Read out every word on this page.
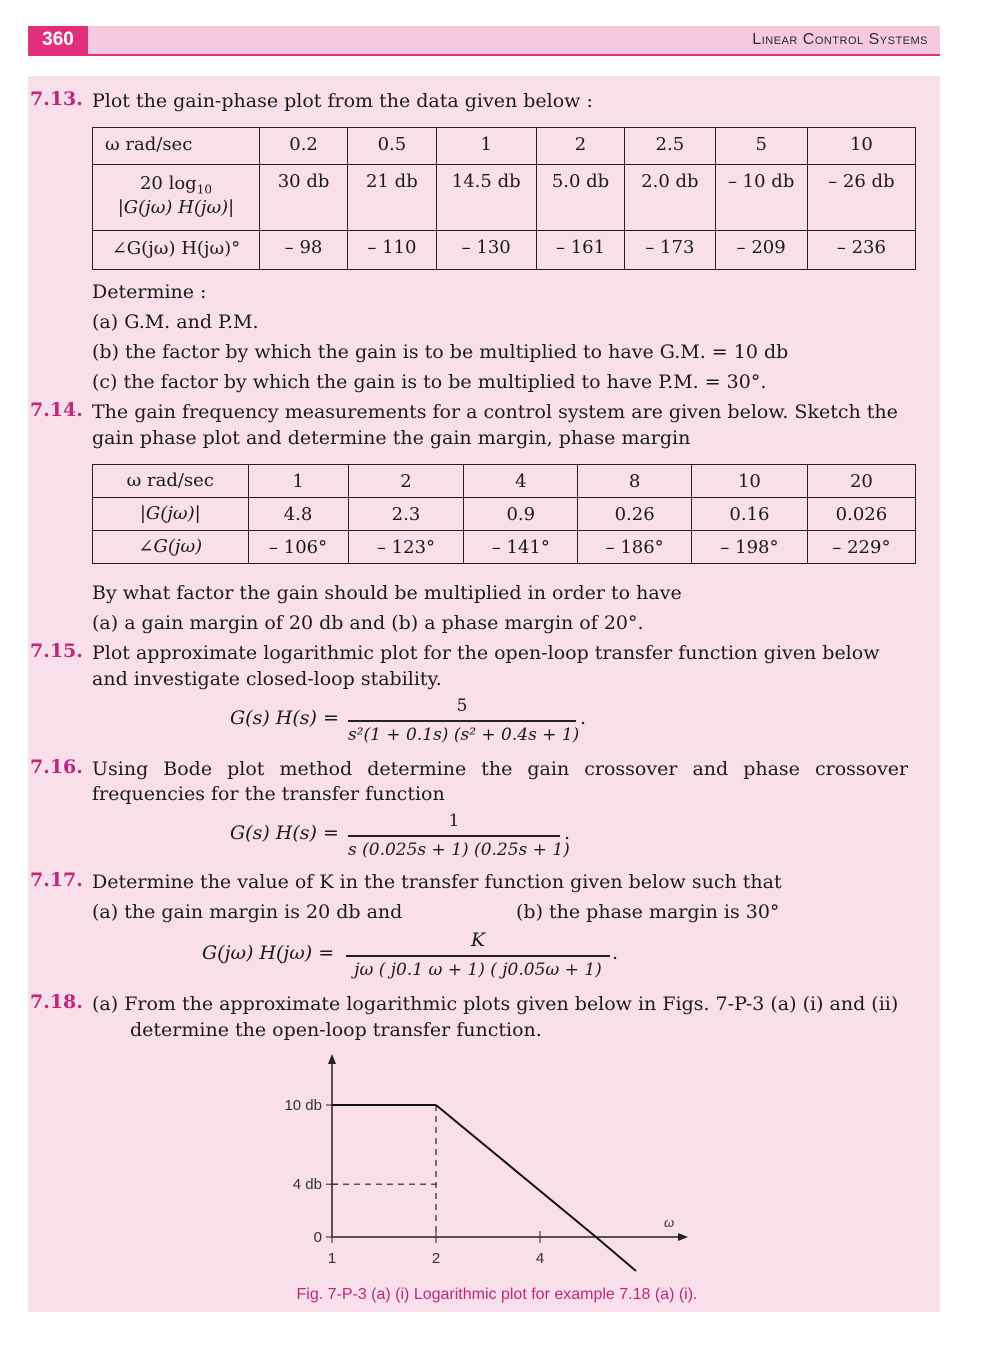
360	Linear Control Systems
7.13. Plot the gain-phase plot from the data given below :
ω rad/sec	0.2	0.5	1	2	2.5	5	10
20 $\log_{10}$
|G(jω) H(jω)|	30 db	21 db	14.5 db	5.0 db	2.0 db	– 10 db	– 26 db
∠G(jω) H(jω)°	– 98	– 110	– 130	– 161	– 173	– 209	– 236
Determine :
(a) G.M. and P.M.
(b) the factor by which the gain is to be multiplied to have G.M. = 10 db
(c) the factor by which the gain is to be multiplied to have P.M. = 30°.
7.14. The gain frequency measurements for a control system are given below. Sketch the
gain phase plot and determine the gain margin, phase margin
ω rad/sec	1	2	4	8	10	20
|G(jω)|	4.8	2.3	0.9	0.26	0.16	0.026
∠G(jω)	– 106°	– 123°	– 141°	– 186°	– 198°	– 229°
By what factor the gain should be multiplied in order to have
(a) a gain margin of 20 db and (b) a phase margin of 20°.
7.15. Plot approximate logarithmic plot for the open-loop transfer function given below
and investigate closed-loop stability.
G(s) H(s) =
5
s²(1 + 0.1s) (s² + 0.4s + 1)
.
7.16. Using Bode plot method determine the gain crossover and phase crossover
frequencies for the transfer function
G(s) H(s) =
1
s (0.025s + 1) (0.25s + 1)
.
7.17. Determine the value of K in the transfer function given below such that
(a) the gain margin is 20 db and	(b) the phase margin is 30°
G(jω) H(jω) =
K
jω ( j0.1 ω + 1) ( j0.05ω + 1)
.
7.18. (a) From the approximate logarithmic plots given below in Figs. 7-P-3 (a) (i) and (ii)
determine the open-loop transfer function.
ω
1	2	4
0
4 db
10 db
Fig. 7-P-3 (a) (i) Logarithmic plot for example 7.18 (a) (i).
